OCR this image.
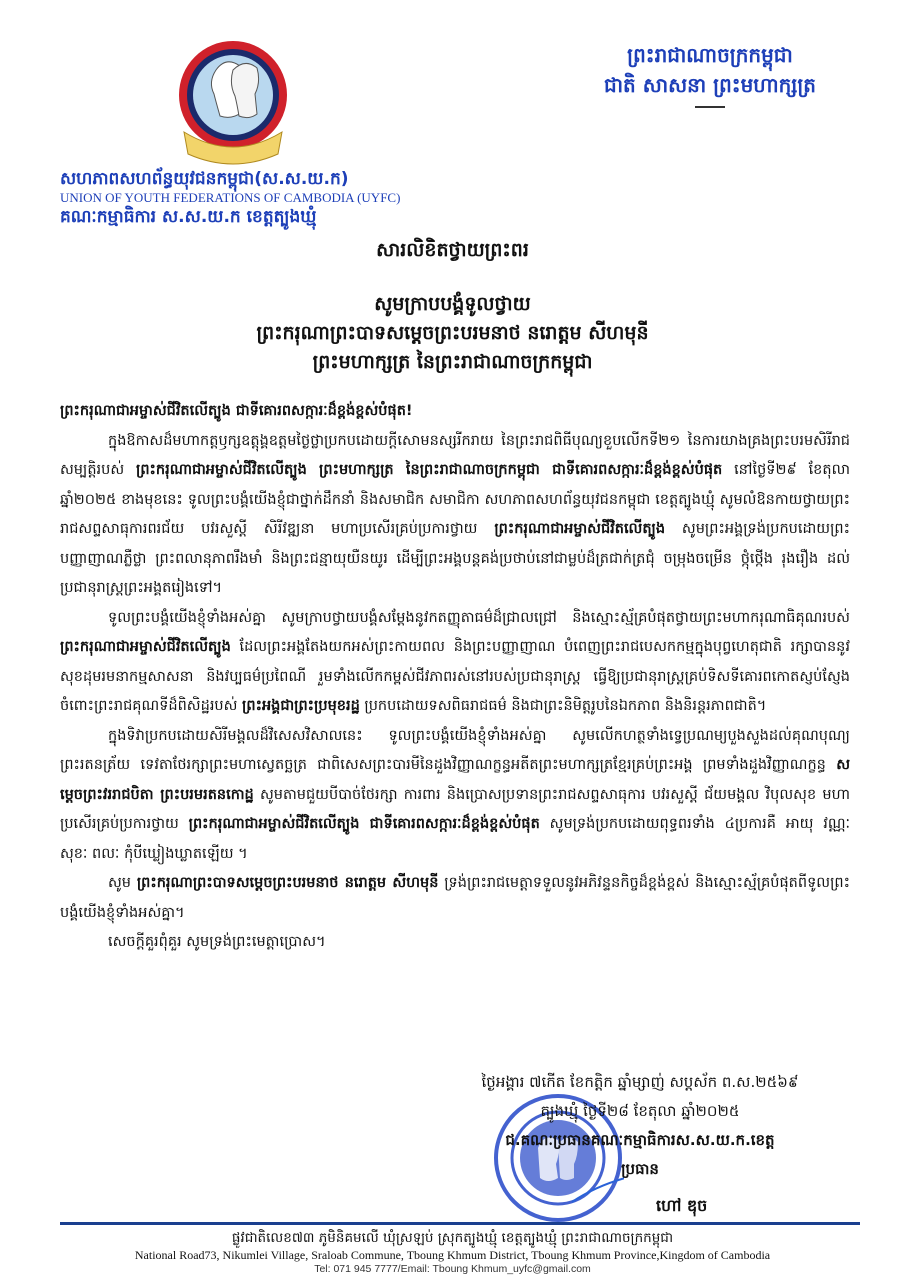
សហភាពសហព័ន្ធយុវជនកម្ពុជា(ស.ស.យ.ក)
UNION OF YOUTH FEDERATIONS OF CAMBODIA (UYFC)
គណៈកម្មាធិការ ស.ស.យ.ក ខេត្តត្បូងឃ្មុំ
ព្រះរាជាណាចក្រកម្ពុជា
ជាតិ សាសនា ព្រះមហាក្សត្រ
សារលិខិតថ្វាយព្រះពរ
សូមក្រាបបង្គំទូលថ្វាយ
ព្រះករុណាព្រះបាទសម្តេចព្រះបរមនាថ នរោត្តម សីហមុនី
ព្រះមហាក្សត្រ នៃព្រះរាជាណាចក្រកម្ពុជា

ព្រះករុណាជាអម្ចាស់ជីវិតលើត្បូង ជាទីគោរពសក្ការៈដ៏ខ្ពង់ខ្ពស់បំផុត!

ក្នុងឱកាសដ៏មហាកត្តឫក្សឧត្តុង្គឧត្តមថ្ងៃថ្លាប្រកបដោយក្តីសោមនស្សរីករាយ នៃព្រះរាជពិធីបុណ្យខួបលើកទី២១ នៃការយាងគ្រងព្រះបរមសិរីរាជសម្បត្តិរបស់ ព្រះករុណាជាអម្ចាស់ជីវិតលើត្បូង ព្រះមហាក្សត្រ នៃព្រះរាជាណាចក្រកម្ពុជា ជាទីគោរពសក្ការៈដ៏ខ្ពង់ខ្ពស់បំផុត នៅថ្ងៃទី២៩ ខែតុលា ឆ្នាំ២០២៥ ខាងមុខនេះ ទូលព្រះបង្គំយើងខ្ញុំជាថ្នាក់ដឹកនាំ និងសមាជិក សមាជិកា សហភាពសហព័ន្ធយុវជនកម្ពុជា ខេត្តត្បូងឃ្មុំ សូមលំឱនកាយថ្វាយព្រះរាជសព្ទសាធុការពរជ័យ បវរសួស្តី សិរីវឌ្ឍនា មហាប្រសើរគ្រប់ប្រការថ្វាយ ព្រះករុណាជាអម្ចាស់ជីវិតលើត្បូង សូមព្រះអង្គទ្រង់ប្រកបដោយព្រះបញ្ញាញាណភ្លឺថ្លា ព្រះពលានុភាពរឹងមាំ និងព្រះជន្មាយុយឺនយូរ ដើម្បីព្រះអង្គបន្តគង់ប្រថាប់នៅជាម្លប់ដ៏ត្រជាក់ត្រជុំ ចម្រុងចម្រើន ថ្កុំថ្កើង រុងរឿង ដល់ប្រជានុរាស្ត្រព្រះអង្គតរៀងទៅ។

ទូលព្រះបង្គំយើងខ្ញុំទាំងអស់គ្នា សូមក្រាបថ្វាយបង្គំសម្តែងនូវកតញ្ញុតាធម៌ដ៏ជ្រាលជ្រៅ និងស្មោះស្ម័គ្របំផុតថ្វាយព្រះមហាករុណាធិគុណរបស់ ព្រះករុណាជាអម្ចាស់ជីវិតលើត្បូង ដែលព្រះអង្គតែងយកអស់ព្រះកាយពល និងព្រះបញ្ញាញាណ បំពេញព្រះរាជបេសកកម្មក្នុងបុព្វហេតុជាតិ រក្សាបាននូវសុខដុមរមនាកម្មសាសនា និងវប្បធម៌ប្រពៃណី រួមទាំងលើកកម្ពស់ជីវភាពរស់នៅរបស់ប្រជានុរាស្ត្រ ធ្វើឱ្យប្រជានុរាស្ត្រគ្រប់ទិសទីគោរពកោតស្ញប់ស្ញែងចំពោះព្រះរាជគុណទីដ៏ពិសិដ្ឋរបស់ ព្រះអង្គជាព្រះប្រមុខរដ្ឋ ប្រកបដោយទសពិធរាជធម៌ និងជាព្រះនិមិត្តរូបនៃឯកភាព និងនិរន្តរភាពជាតិ។

ក្នុងទិវាប្រកបដោយសិរីមង្គលដ៏វិសេសវិសាលនេះ ទូលព្រះបង្គំយើងខ្ញុំទាំងអស់គ្នា សូមលើកហត្ថទាំងទ្វេប្រណម្យបួងសួងដល់គុណបុណ្យព្រះរតនត្រ័យ ទេវតាថែរក្សាព្រះមហាស្វេតច្ឆត្រ ជាពិសេសព្រះបារមីនៃដួងវិញ្ញាណក្ខន្ធអតីតព្រះមហាក្សត្រខ្មែរគ្រប់ព្រះអង្គ ព្រមទាំងដួងវិញ្ញាណក្ខន្ធ សម្តេចព្រះវររាជបិតា ព្រះបរមរតនកោដ្ឋ សូមតាមជួយបីបាច់ថែរក្សា ការពារ និងប្រោសប្រទានព្រះរាជសព្ទសាធុការ បវរសួស្តី ជ័យមង្គល វិបុលសុខ មហាប្រសើរគ្រប់ប្រការថ្វាយ ព្រះករុណាជាអម្ចាស់ជីវិតលើត្បូង ជាទីគោរពសក្ការៈដ៏ខ្ពង់ខ្ពស់បំផុត សូមទ្រង់ប្រកបដោយពុទ្ធពរទាំង ៤ប្រការគឺ អាយុ វណ្ណៈ សុខៈ ពលៈ កុំបីឃ្លៀងឃ្លាតឡើយ ។

សូម ព្រះករុណាព្រះបាទសម្តេចព្រះបរមនាថ នរោត្តម សីហមុនី ទ្រង់ព្រះរាជមេត្តាទទួលនូវអភិវន្ទនកិច្ចដ៏ខ្ពង់ខ្ពស់ និងស្មោះស្ម័គ្របំផុតពីទូលព្រះបង្គំយើងខ្ញុំទាំងអស់គ្នា។

សេចក្តីគួរពុំគួរ សូមទ្រង់ព្រះមេត្តាប្រោស។

ថ្ងៃអង្គារ ៧កើត ខែកត្តិក ឆ្នាំម្សាញ់ សប្តស័ក ព.ស.២៥៦៩
ត្បូងឃ្មុំ ថ្ងៃទី២៨ ខែតុលា ឆ្នាំ២០២៥
ជ.គណៈប្រធានគណៈកម្មាធិការស.ស.យ.ក.ខេត្ត
ប្រធាន
ហៅ ឌុច
ផ្លូវជាតិលេខ៧៣ ភូមិនិគមលើ ឃុំស្រឡប់ ស្រុកត្បូងឃ្មុំ ខេត្តត្បូងឃ្មុំ ព្រះរាជាណាចក្រកម្ពុជា
National Road73, Nikumlei Village, Sraloab Commune, Tboung Khmum District, Tboung Khmum Province,Kingdom of Cambodia
Tel: 071 945 7777/Email: Tboung Khmum_uyfc@gmail.com
